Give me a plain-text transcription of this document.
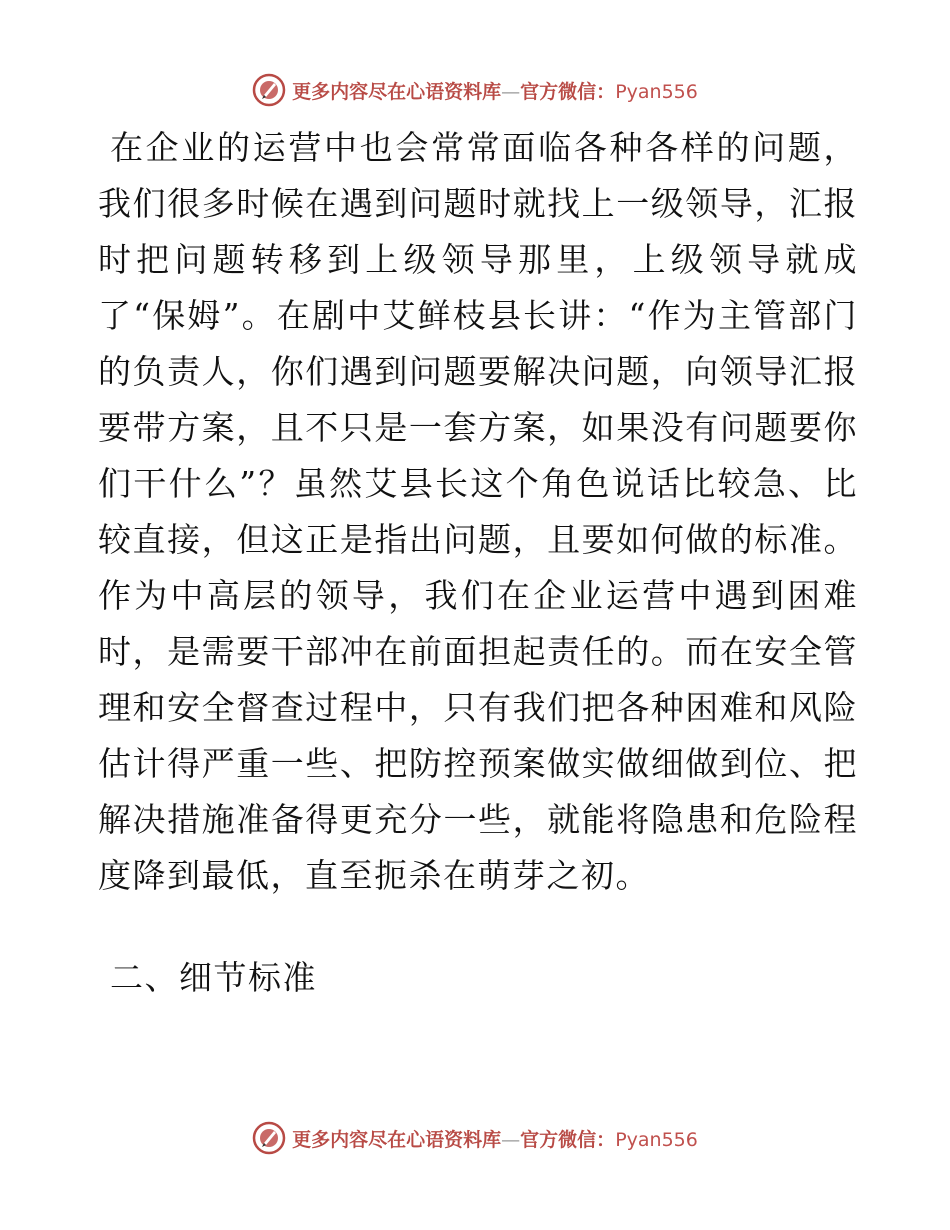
更多内容尽在心语资料库—官方微信：Pyan556

在企业的运营中也会常常面临各种各样的问题，我们很多时候在遇到问题时就找上一级领导，汇报时把问题转移到上级领导那里，上级领导就成了“保姆”。在剧中艾鲜枝县长讲：“作为主管部门的负责人，你们遇到问题要解决问题，向领导汇报要带方案，且不只是一套方案，如果没有问题要你们干什么”？虽然艾县长这个角色说话比较急、比较直接，但这正是指出问题，且要如何做的标准。作为中高层的领导，我们在企业运营中遇到困难时，是需要干部冲在前面担起责任的。而在安全管理和安全督查过程中，只有我们把各种困难和风险估计得严重一些、把防控预案做实做细做到位、把解决措施准备得更充分一些，就能将隐患和危险程度降到最低，直至扼杀在萌芽之初。

二、细节标准
更多内容尽在心语资料库—官方微信：Pyan556
